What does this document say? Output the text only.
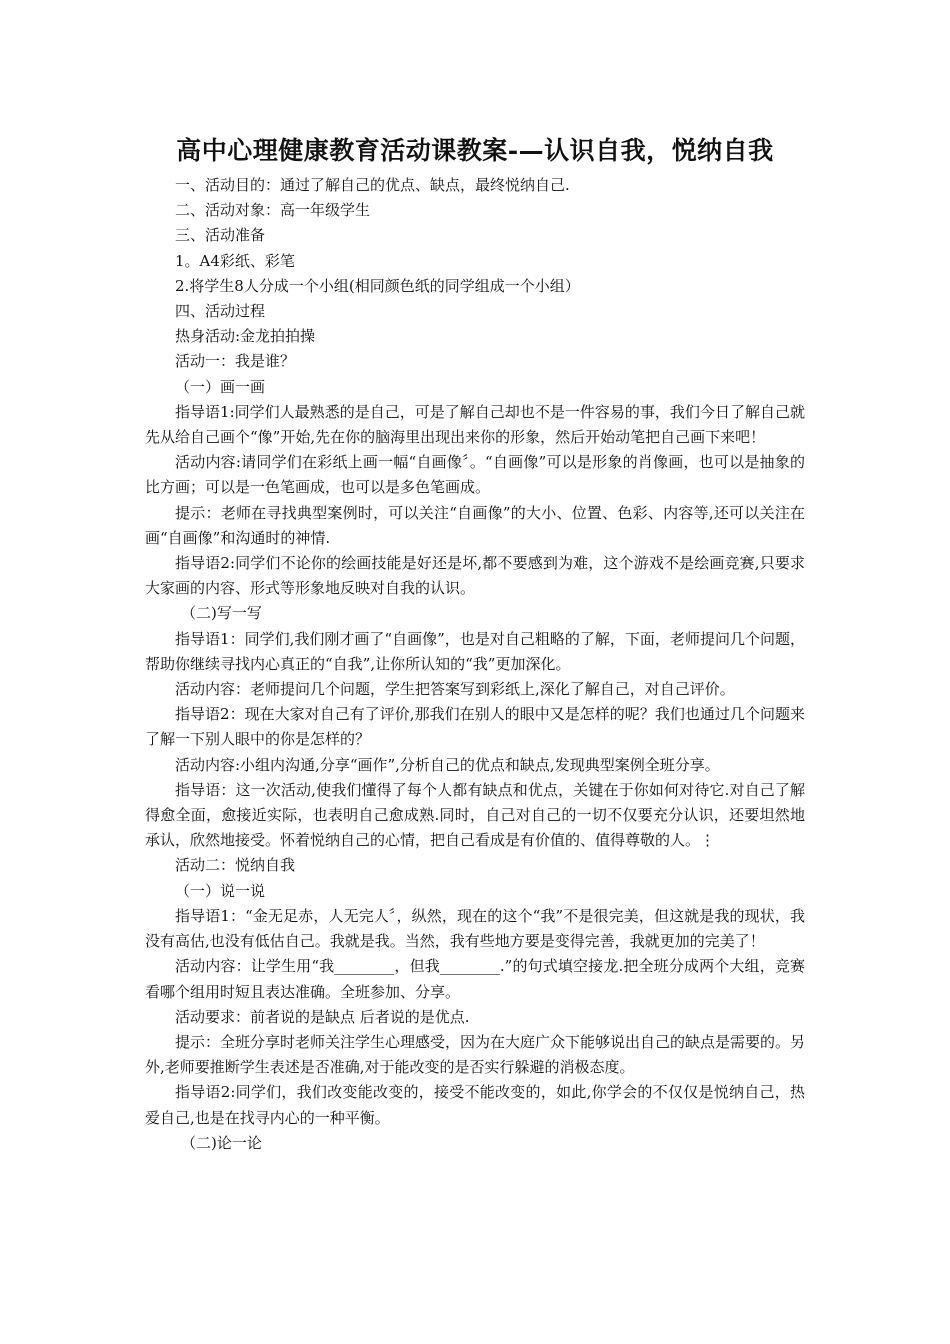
高中心理健康教育活动课教案-—认识自我，悦纳自我

一、活动目的：通过了解自己的优点、缺点，最终悦纳自己.

二、活动对象：高一年级学生

三、活动准备

1。A4彩纸、彩笔

2.将学生8人分成一个小组(相同颜色纸的同学组成一个小组）

四、活动过程

热身活动:金龙拍拍操

活动一：我是谁？

（一）画一画

指导语1:同学们人最熟悉的是自己，可是了解自己却也不是一件容易的事，我们今日了解自己就先从给自己画个“像”开始,先在你的脑海里出现出来你的形象，然后开始动笔把自己画下来吧！

活动内容:请同学们在彩纸上画一幅“自画像〞。“自画像”可以是形象的肖像画，也可以是抽象的比方画；可以是一色笔画成，也可以是多色笔画成。

提示：老师在寻找典型案例时，可以关注“自画像”的大小、位置、色彩、内容等,还可以关注在画“自画像”和沟通时的神情.

指导语2:同学们不论你的绘画技能是好还是坏,都不要感到为难，这个游戏不是绘画竞赛,只要求大家画的内容、形式等形象地反映对自我的认识。

（二)写一写

指导语1：同学们,我们刚才画了“自画像”，也是对自己粗略的了解，下面，老师提问几个问题，帮助你继续寻找内心真正的“自我”,让你所认知的“我”更加深化。

活动内容：老师提问几个问题，学生把答案写到彩纸上,深化了解自己，对自己评价。

指导语2：现在大家对自己有了评价,那我们在别人的眼中又是怎样的呢？我们也通过几个问题来了解一下别人眼中的你是怎样的？

活动内容:小组内沟通,分享“画作”,分析自己的优点和缺点,发现典型案例全班分享。

指导语：这一次活动,使我们懂得了每个人都有缺点和优点，关键在于你如何对待它.对自己了解得愈全面，愈接近实际，也表明自己愈成熟.同时，自己对自己的一切不仅要充分认识，还要坦然地承认，欣然地接受。怀着悦纳自己的心情，把自己看成是有价值的、值得尊敬的人。⋮

活动二：悦纳自我

（一）说一说

指导语1：“金无足赤，人无完人〞，纵然，现在的这个“我”不是很完美，但这就是我的现状，我没有高估,也没有低估自己。我就是我。当然，我有些地方要是变得完善，我就更加的完美了！

活动内容：让学生用“我________，但我________.”的句式填空接龙.把全班分成两个大组，竞赛看哪个组用时短且表达准确。全班参加、分享。

活动要求：前者说的是缺点 后者说的是优点.

提示：全班分享时老师关注学生心理感受，因为在大庭广众下能够说出自己的缺点是需要的。另外,老师要推断学生表述是否准确,对于能改变的是否实行躲避的消极态度。

指导语2:同学们，我们改变能改变的，接受不能改变的，如此,你学会的不仅仅是悦纳自己，热爱自己,也是在找寻内心的一种平衡。

（二)论一论
